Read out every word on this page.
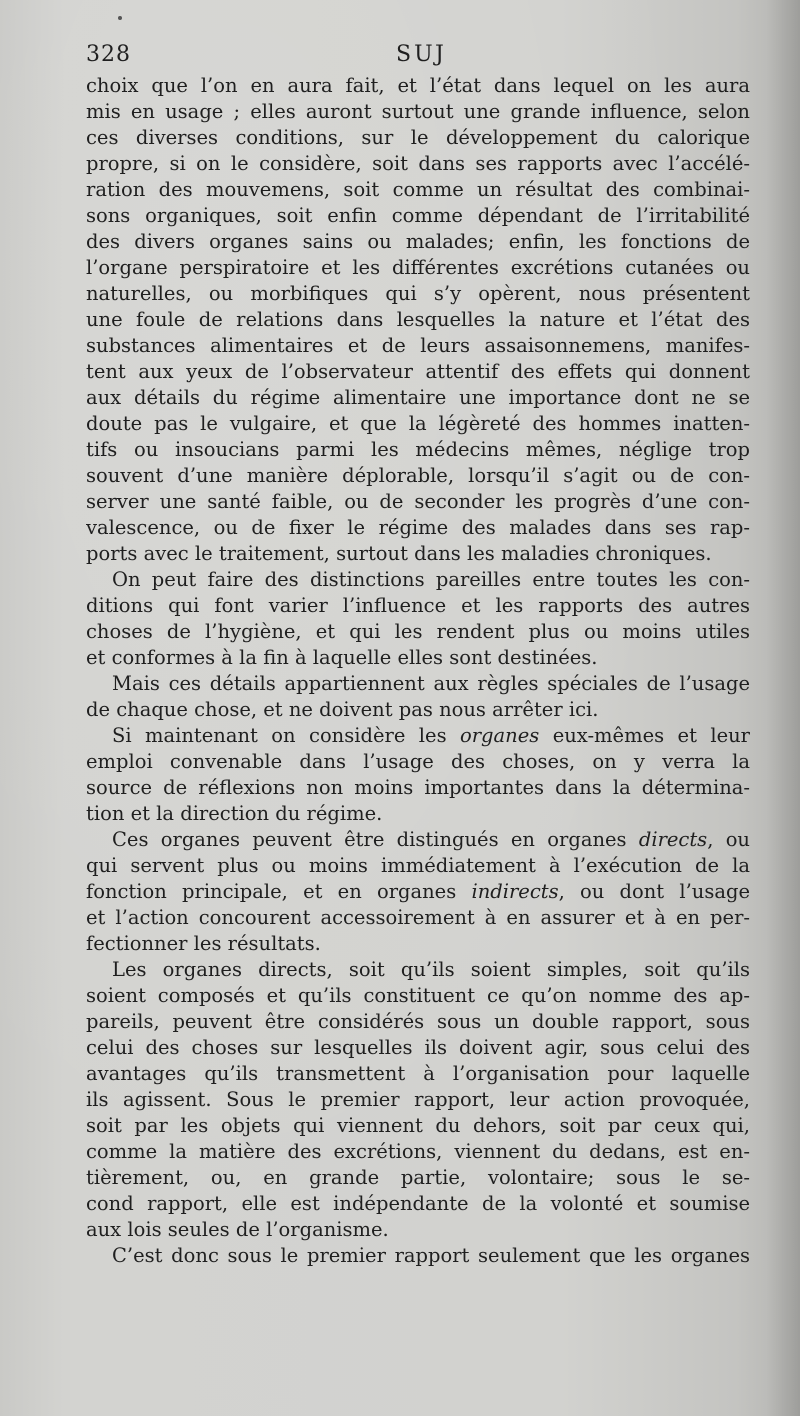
328	SUJ
choix que l’on en aura fait, et l’état dans lequel on les aura
mis en usage ; elles auront surtout une grande influence, selon
ces diverses conditions, sur le développement du calorique
propre, si on le considère, soit dans ses rapports avec l’accélé-
ration des mouvemens, soit comme un résultat des combinai-
sons organiques, soit enfin comme dépendant de l’irritabilité
des divers organes sains ou malades; enfin, les fonctions de
l’organe perspiratoire et les différentes excrétions cutanées ou
naturelles, ou morbifiques qui s’y opèrent, nous présentent
une foule de relations dans lesquelles la nature et l’état des
substances alimentaires et de leurs assaisonnemens, manifes-
tent aux yeux de l’observateur attentif des effets qui donnent
aux détails du régime alimentaire une importance dont ne se
doute pas le vulgaire, et que la légèreté des hommes inatten-
tifs ou insoucians parmi les médecins mêmes, néglige trop
souvent d’une manière déplorable, lorsqu’il s’agit ou de con-
server une santé faible, ou de seconder les progrès d’une con-
valescence, ou de fixer le régime des malades dans ses rap-
ports avec le traitement, surtout dans les maladies chroniques.
On peut faire des distinctions pareilles entre toutes les con-
ditions qui font varier l’influence et les rapports des autres
choses de l’hygiène, et qui les rendent plus ou moins utiles
et conformes à la fin à laquelle elles sont destinées.
Mais ces détails appartiennent aux règles spéciales de l’usage
de chaque chose, et ne doivent pas nous arrêter ici.
Si maintenant on considère les organes eux-mêmes et leur
emploi convenable dans l’usage des choses, on y verra la
source de réflexions non moins importantes dans la détermina-
tion et la direction du régime.
Ces organes peuvent être distingués en organes directs, ou
qui servent plus ou moins immédiatement à l’exécution de la
fonction principale, et en organes indirects, ou dont l’usage
et l’action concourent accessoirement à en assurer et à en per-
fectionner les résultats.
Les organes directs, soit qu’ils soient simples, soit qu’ils
soient composés et qu’ils constituent ce qu’on nomme des ap-
pareils, peuvent être considérés sous un double rapport, sous
celui des choses sur lesquelles ils doivent agir, sous celui des
avantages qu’ils transmettent à l’organisation pour laquelle
ils agissent. Sous le premier rapport, leur action provoquée,
soit par les objets qui viennent du dehors, soit par ceux qui,
comme la matière des excrétions, viennent du dedans, est en-
tièrement, ou, en grande partie, volontaire; sous le se-
cond rapport, elle est indépendante de la volonté et soumise
aux lois seules de l’organisme.
C’est donc sous le premier rapport seulement que les organes
